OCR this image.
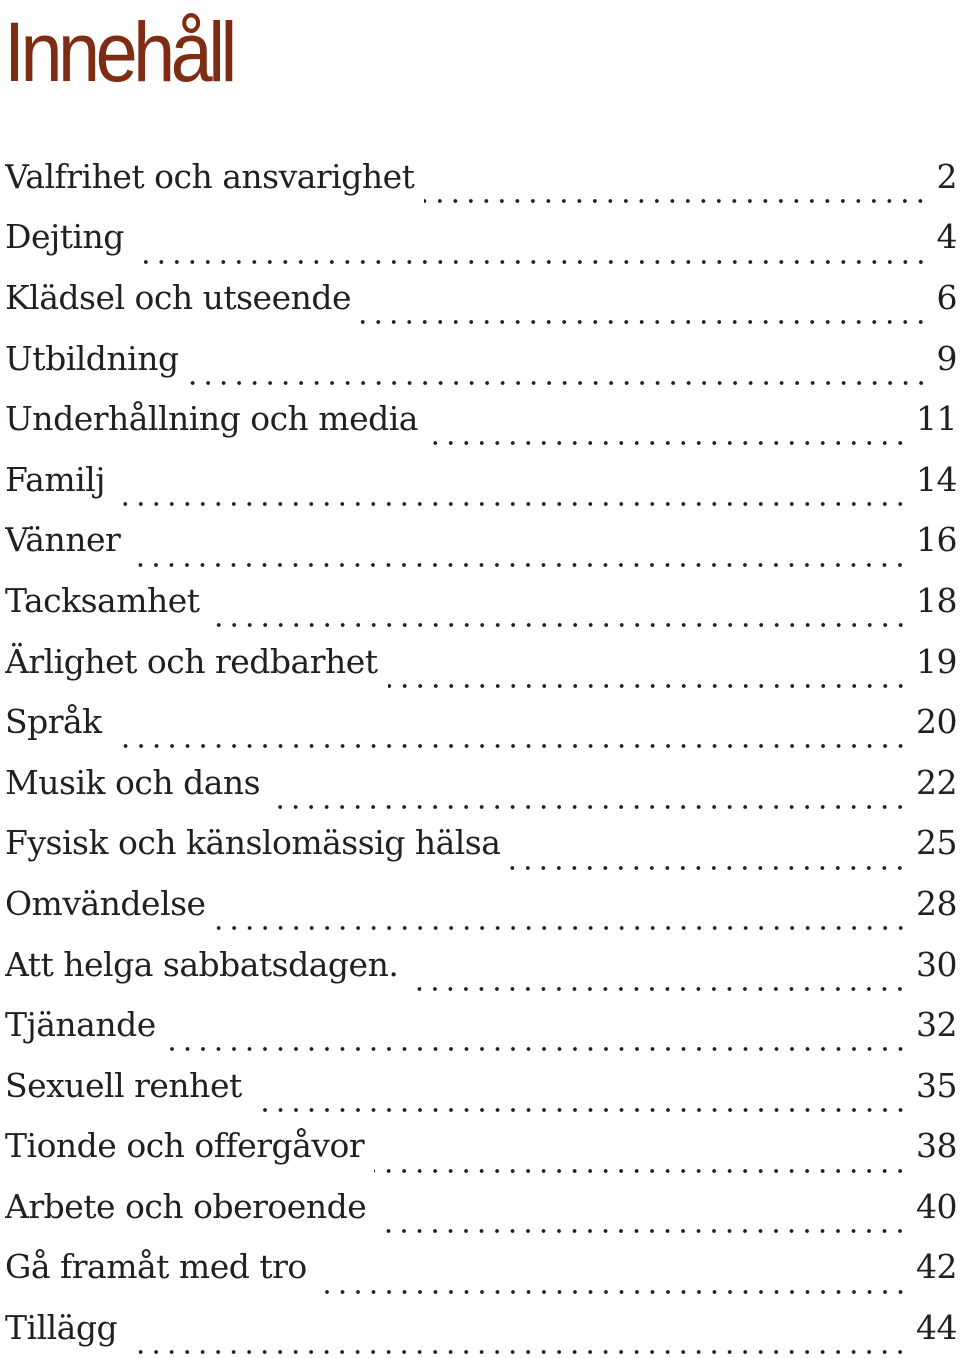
Innehåll
Valfrihet och ansvarighet	2
Dejting	4
Klädsel och utseende	6
Utbildning	9
Underhållning och media	11
Familj	14
Vänner	16
Tacksamhet	18
Ärlighet och redbarhet	19
Språk	20
Musik och dans	22
Fysisk och känslomässig hälsa	25
Omvändelse	28
Att helga sabbatsdagen.	30
Tjänande	32
Sexuell renhet	35
Tionde och offergåvor	38
Arbete och oberoende	40
Gå framåt med tro	42
Tillägg	44
